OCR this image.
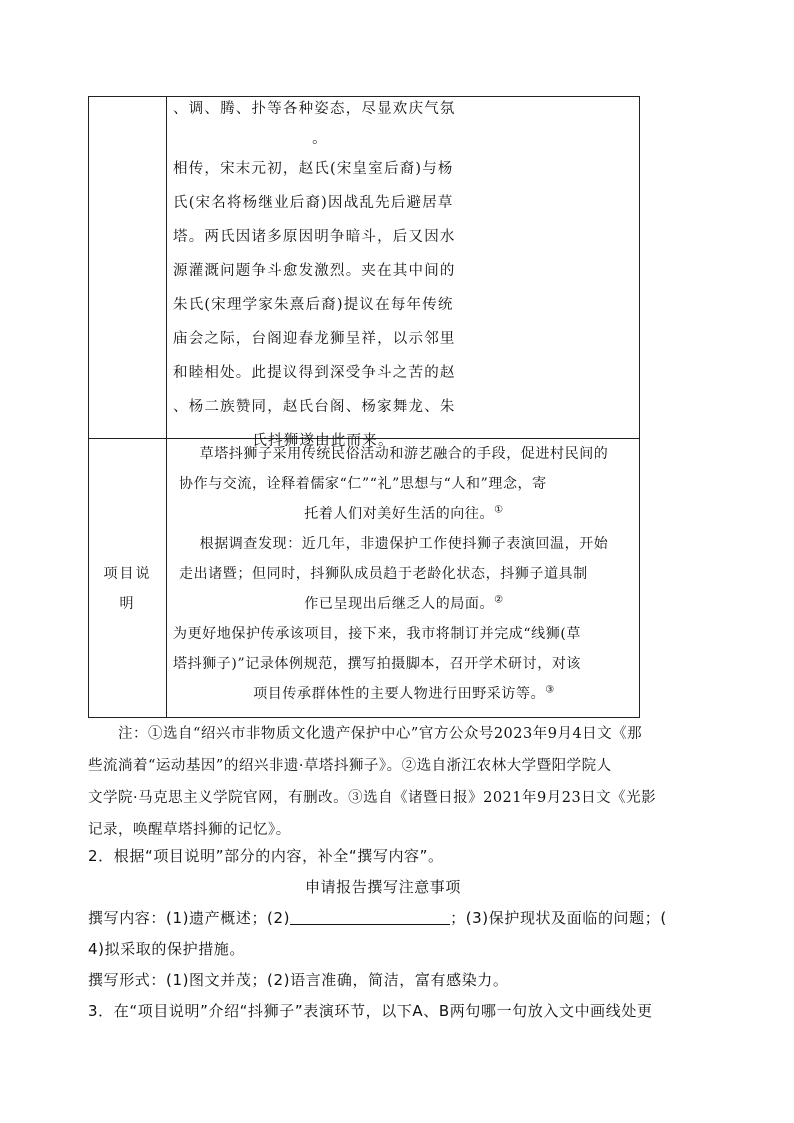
、调、腾、扑等各种姿态，尽显欢庆气氛
。
相传，宋末元初，赵氏(宋皇室后裔)与杨
氏(宋名将杨继业后裔)因战乱先后避居草
塔。两氏因诸多原因明争暗斗，后又因水
源灌溉问题争斗愈发激烈。夹在其中间的
朱氏(宋理学家朱熹后裔)提议在每年传统
庙会之际，台阁迎春龙狮呈祥，以示邻里
和睦相处。此提议得到深受争斗之苦的赵
、杨二族赞同，赵氏台阁、杨家舞龙、朱
氏抖狮遂由此而来。
项目说
明
草塔抖狮子采用传统民俗活动和游艺融合的手段，促进村民间的
协作与交流，诠释着儒家“仁”“礼”思想与“人和”理念，寄
托着人们对美好生活的向往。①
根据调查发现：近几年，非遗保护工作使抖狮子表演回温，开始
走出诸暨；但同时，抖狮队成员趋于老龄化状态，抖狮子道具制
作已呈现出后继乏人的局面。②
为更好地保护传承该项目，接下来，我市将制订并完成“线狮(草
塔抖狮子)”记录体例规范，撰写拍摄脚本，召开学术研讨，对该
项目传承群体性的主要人物进行田野采访等。③
注：①选自“绍兴市非物质文化遗产保护中心”官方公众号2023年9月4日文《那
些流淌着“运动基因”的绍兴非遗·草塔抖狮子》。②选自浙江农林大学暨阳学院人
文学院·马克思主义学院官网，有删改。③选自《诸暨日报》2021年9月23日文《光影
记录，唤醒草塔抖狮的记忆》。
2．根据“项目说明”部分的内容，补全“撰写内容”。
申请报告撰写注意事项
撰写内容：(1)遗产概述；(2)	；(3)保护现状及面临的问题；(
4)拟采取的保护措施。
撰写形式：(1)图文并茂；(2)语言准确，简洁，富有感染力。
3．在“项目说明”介绍“抖狮子”表演环节，以下A、B两句哪一句放入文中画线处更
